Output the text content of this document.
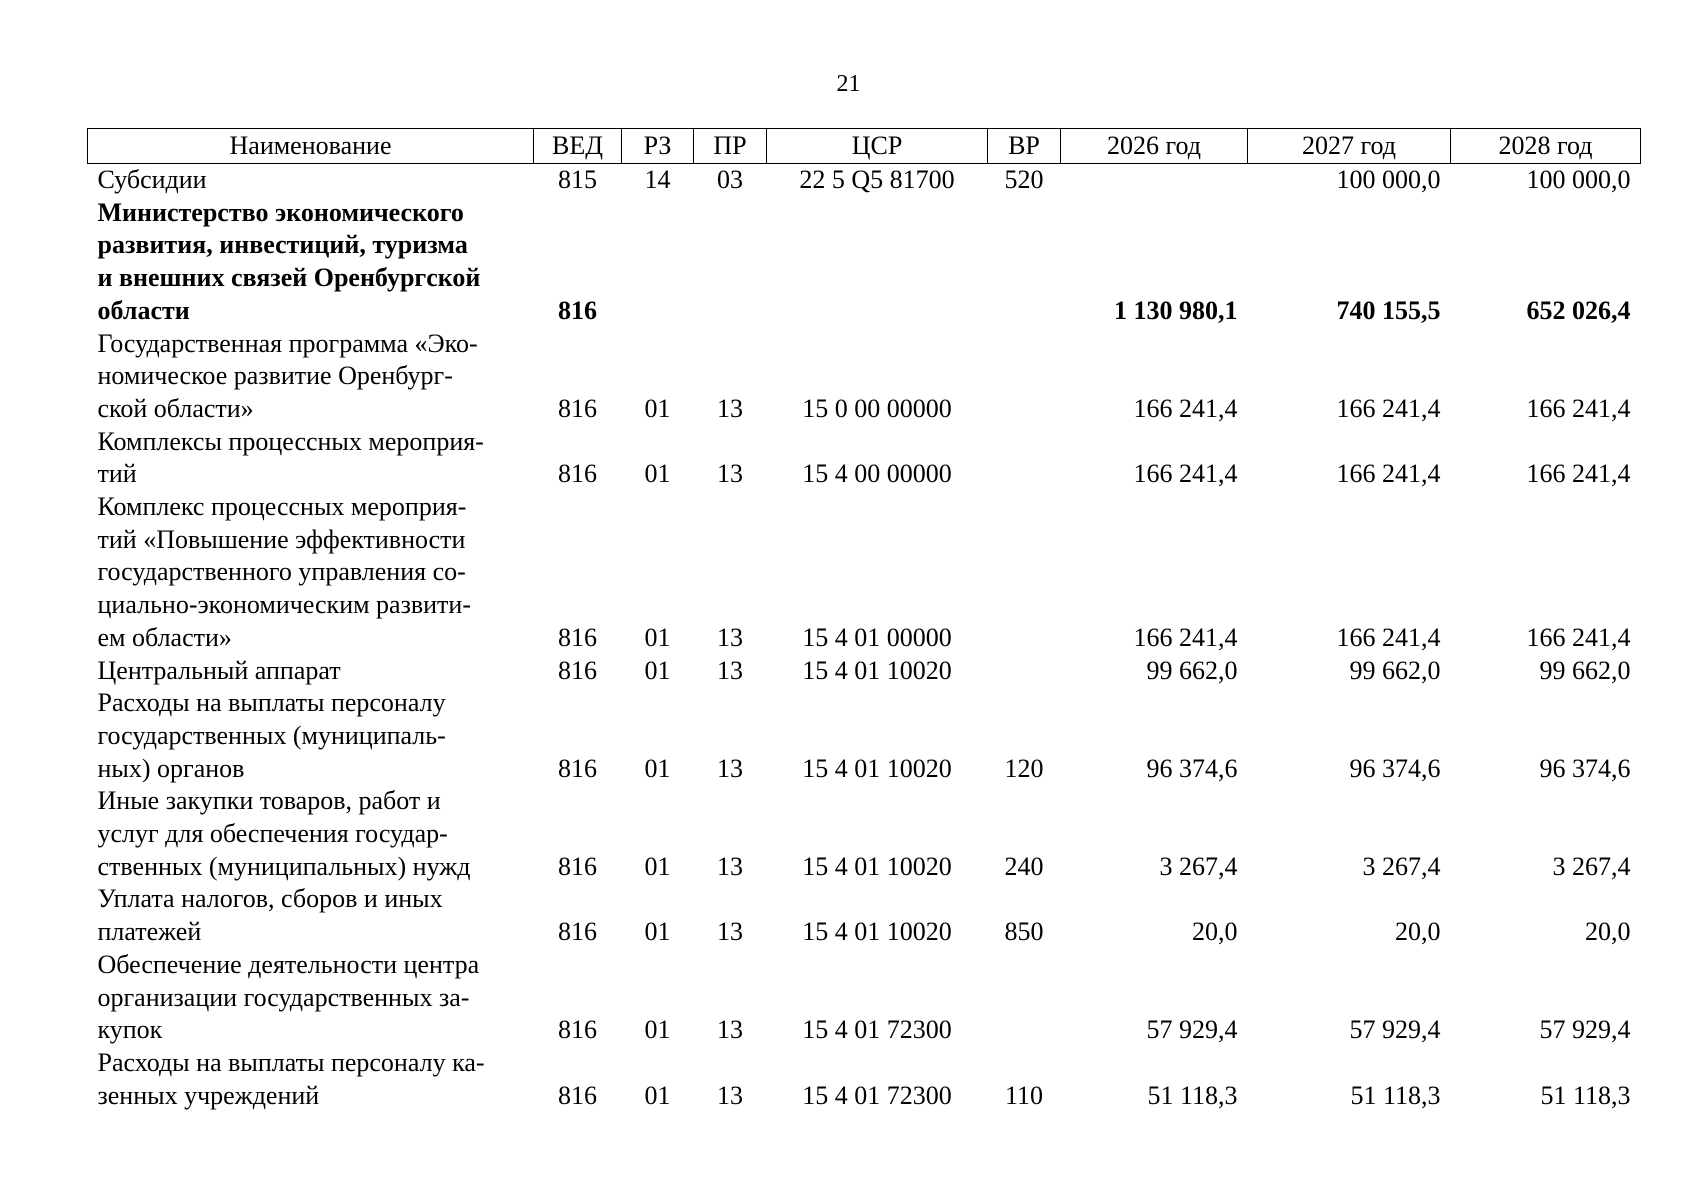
21
Наименование	ВЕД	РЗ	ПР	ЦСР	ВР	2026 год	2027 год	2028 год

Субсидии	815	14	03	22 5 Q5 81700	520		100 000,0	100 000,0

Министерство экономического
развития, инвестиций, туризма
и внешних связей Оренбургской
области	816					1 130 980,1	740 155,5	652 026,4

Государственная программа «Эко-
номическое развитие Оренбург-
ской области»	816	01	13	15 0 00 00000		166 241,4	166 241,4	166 241,4

Комплексы процессных мероприя-
тий	816	01	13	15 4 00 00000		166 241,4	166 241,4	166 241,4

Комплекс процессных мероприя-
тий «Повышение эффективности
государственного управления со-
циально-экономическим развити-
ем области»	816	01	13	15 4 01 00000		166 241,4	166 241,4	166 241,4

Центральный аппарат	816	01	13	15 4 01 10020		99 662,0	99 662,0	99 662,0

Расходы на выплаты персоналу
государственных (муниципаль-
ных) органов	816	01	13	15 4 01 10020	120	96 374,6	96 374,6	96 374,6

Иные закупки товаров, работ и
услуг для обеспечения государ-
ственных (муниципальных) нужд	816	01	13	15 4 01 10020	240	3 267,4	3 267,4	3 267,4

Уплата налогов, сборов и иных
платежей	816	01	13	15 4 01 10020	850	20,0	20,0	20,0

Обеспечение деятельности центра
организации государственных за-
купок	816	01	13	15 4 01 72300		57 929,4	57 929,4	57 929,4

Расходы на выплаты персоналу ка-
зенных учреждений	816	01	13	15 4 01 72300	110	51 118,3	51 118,3	51 118,3
